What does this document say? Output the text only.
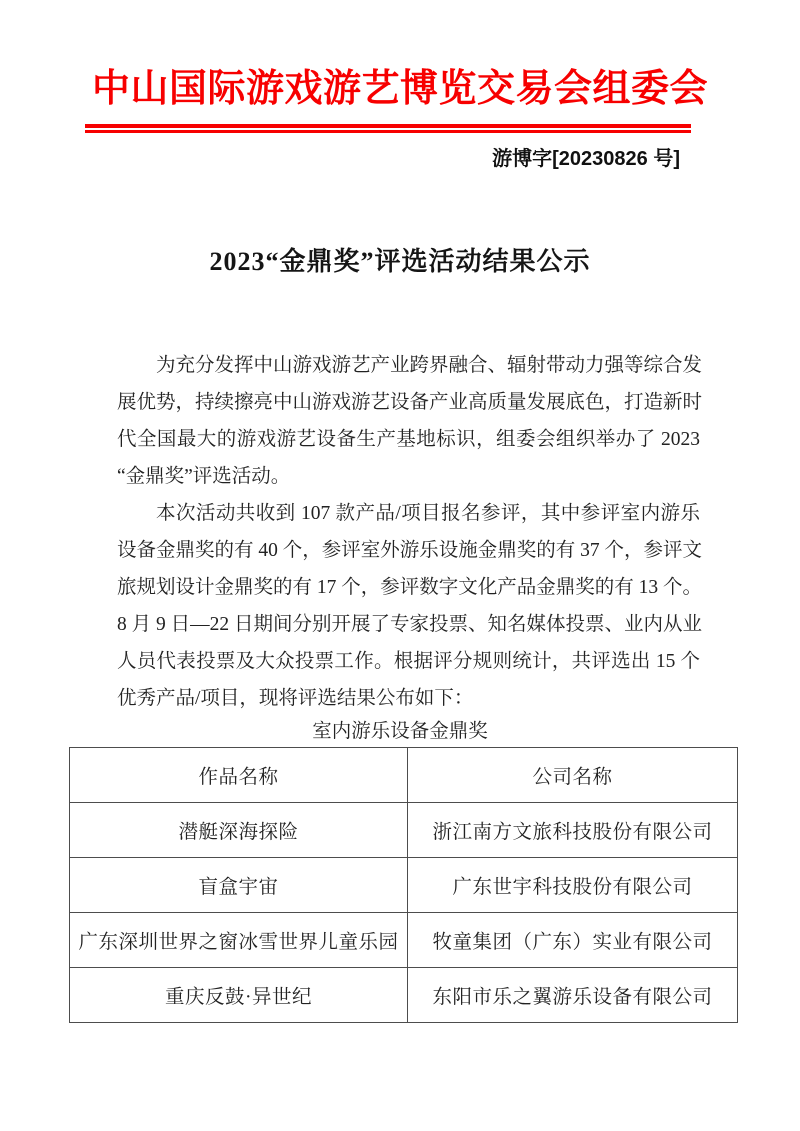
中山国际游戏游艺博览交易会组委会
游博字[20230826 号]
2023“金鼎奖”评选活动结果公示
为充分发挥中山游戏游艺产业跨界融合、辐射带动力强等综合发
展优势，持续擦亮中山游戏游艺设备产业高质量发展底色，打造新时
代全国最大的游戏游艺设备生产基地标识，组委会组织举办了 2023
“金鼎奖”评选活动。
本次活动共收到 107 款产品/项目报名参评，其中参评室内游乐
设备金鼎奖的有 40 个，参评室外游乐设施金鼎奖的有 37 个，参评文
旅规划设计金鼎奖的有 17 个，参评数字文化产品金鼎奖的有 13 个。
8 月 9 日—22 日期间分别开展了专家投票、知名媒体投票、业内从业
人员代表投票及大众投票工作。根据评分规则统计，共评选出 15 个
优秀产品/项目，现将评选结果公布如下：
室内游乐设备金鼎奖
作品名称	公司名称
潜艇深海探险	浙江南方文旅科技股份有限公司
盲盒宇宙	广东世宇科技股份有限公司
广东深圳世界之窗冰雪世界儿童乐园	牧童集团（广东）实业有限公司
重庆反鼓·异世纪	东阳市乐之翼游乐设备有限公司
